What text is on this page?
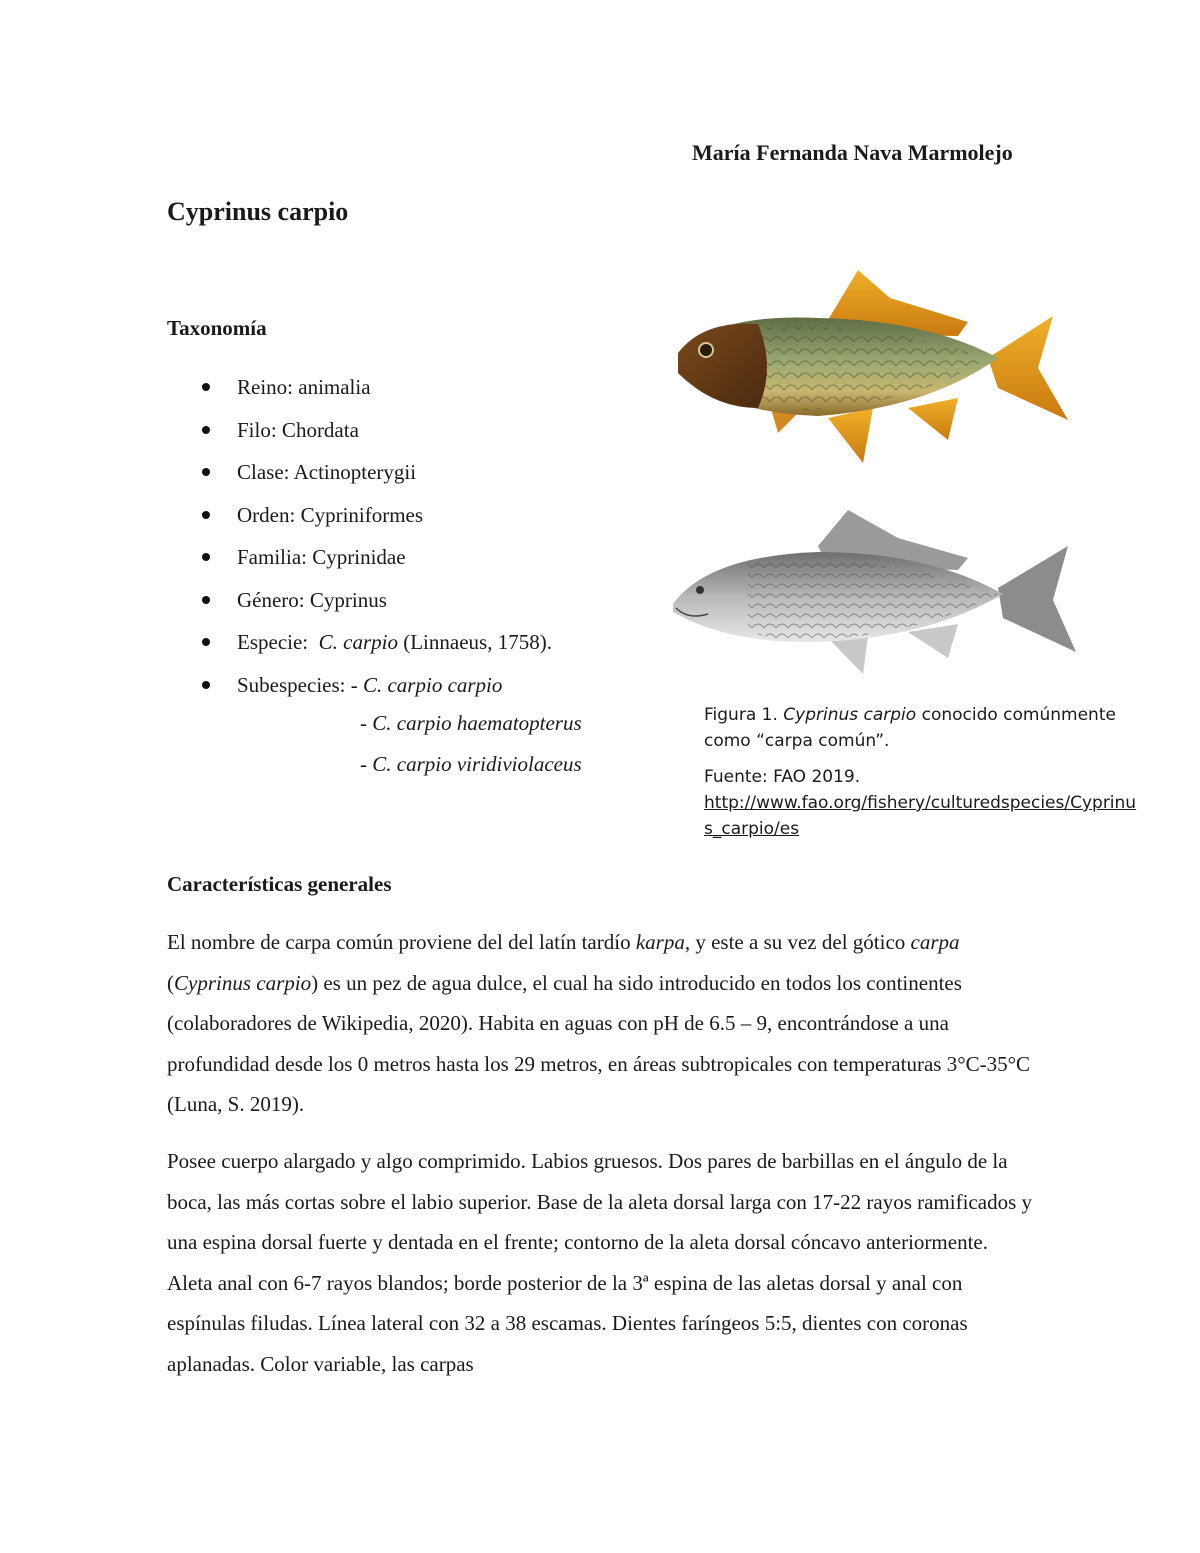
María Fernanda Nava Marmolejo
Cyprinus carpio
Taxonomía
Reino: animalia
Filo: Chordata
Clase: Actinopterygii
Orden: Cypriniformes
Familia: Cyprinidae
Género: Cyprinus
Especie:  C. carpio (Linnaeus, 1758).
Subespecies: - C. carpio carpio
- C. carpio haematopterus
- C. carpio viridiviolaceus

Figura 1. Cyprinus carpio conocido comúnmente como “carpa común”.

Fuente: FAO 2019.
http://www.fao.org/fishery/culturedspecies/Cyprinus_carpio/es
Características generales

El nombre de carpa común proviene del del latín tardío karpa, y este a su vez del gótico carpa (Cyprinus carpio) es un pez de agua dulce, el cual ha sido introducido en todos los continentes (colaboradores de Wikipedia, 2020). Habita en aguas con pH de 6.5 – 9, encontrándose a una profundidad desde los 0 metros hasta los 29 metros, en áreas subtropicales con temperaturas 3°C-35°C (Luna, S. 2019).

Posee cuerpo alargado y algo comprimido. Labios gruesos. Dos pares de barbillas en el ángulo de la boca, las más cortas sobre el labio superior. Base de la aleta dorsal larga con 17-22 rayos ramificados y una espina dorsal fuerte y dentada en el frente; contorno de la aleta dorsal cóncavo anteriormente. Aleta anal con 6-7 rayos blandos; borde posterior de la 3ª espina de las aletas dorsal y anal con espínulas filudas. Línea lateral con 32 a 38 escamas. Dientes faríngeos 5:5, dientes con coronas aplanadas. Color variable, las carpas
